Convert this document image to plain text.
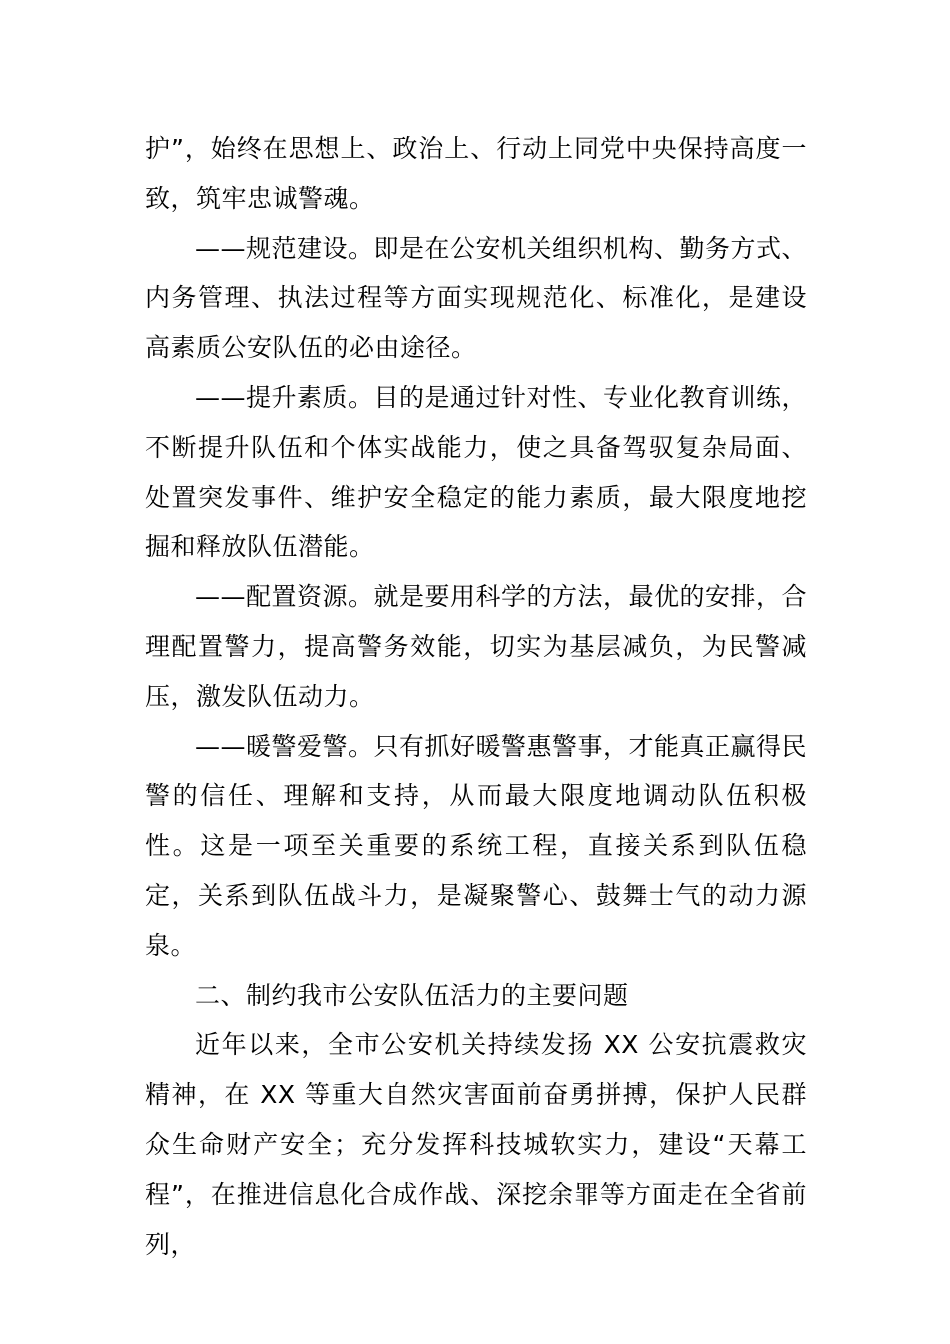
护”，始终在思想上、政治上、行动上同党中央保持高度一致，筑牢忠诚警魂。

——规范建设。即是在公安机关组织机构、勤务方式、内务管理、执法过程等方面实现规范化、标准化，是建设高素质公安队伍的必由途径。

——提升素质。目的是通过针对性、专业化教育训练，不断提升队伍和个体实战能力，使之具备驾驭复杂局面、处置突发事件、维护安全稳定的能力素质，最大限度地挖掘和释放队伍潜能。

——配置资源。就是要用科学的方法，最优的安排，合理配置警力，提高警务效能，切实为基层减负，为民警减压，激发队伍动力。

——暖警爱警。只有抓好暖警惠警事，才能真正赢得民警的信任、理解和支持，从而最大限度地调动队伍积极性。这是一项至关重要的系统工程，直接关系到队伍稳定，关系到队伍战斗力，是凝聚警心、鼓舞士气的动力源泉。

二、制约我市公安队伍活力的主要问题

近年以来，全市公安机关持续发扬 XX 公安抗震救灾精神，在 XX 等重大自然灾害面前奋勇拼搏，保护人民群众生命财产安全；充分发挥科技城软实力，建设“天幕工程”，在推进信息化合成作战、深挖余罪等方面走在全省前列，
